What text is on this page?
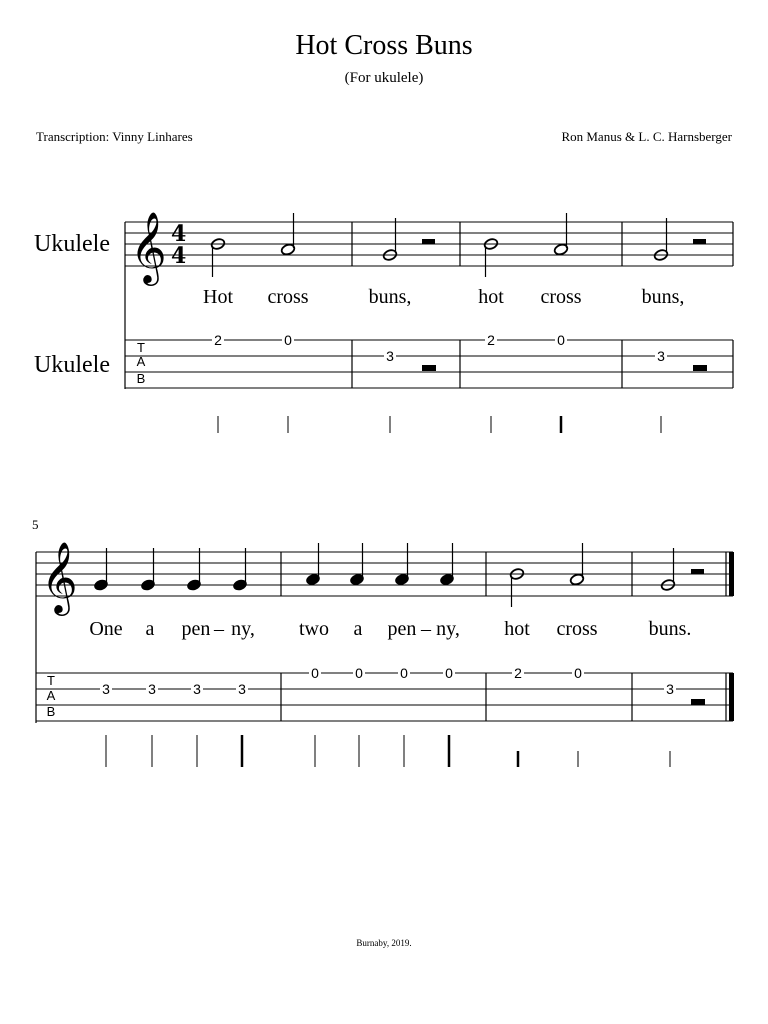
Hot Cross Buns
(For ukulele)
Transcription: Vinny Linhares	Ron Manus & L. C. Harnsberger
Ukulele
Ukulele
𝄞 4
4
Hot cross	buns,	hot cross	buns,
T
A
B
2	0
3
2	0
3
5
𝄞
One a pen – ny, two a pen – ny, hot cross	buns.
T
A
B
3	3	3	3
0	0	0	0	2	0
3
Burnaby, 2019.
